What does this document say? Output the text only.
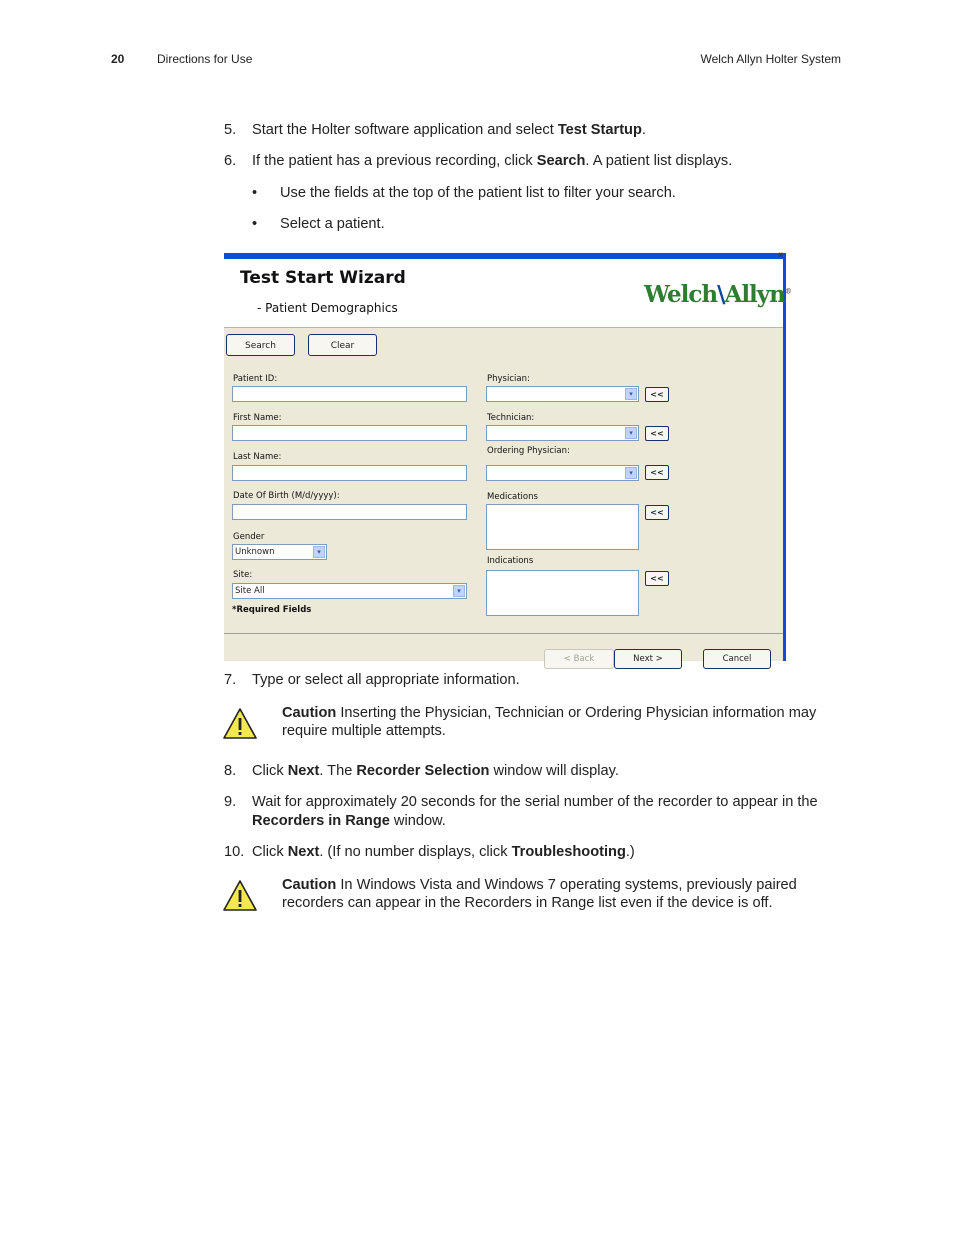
20	Directions for Use	Welch Allyn Holter System
5. Start the Holter software application and select Test Startup.
6. If the patient has a previous recording, click Search. A patient list displays.
• Use the fields at the top of the patient list to filter your search.
• Select a patient.
x
Test Start Wizard
- Patient Demographics	Welch\Allyn®
Search	Clear
Patient ID:
First Name:
Last Name:
Date Of Birth (M/d/yyyy):
Gender
Unknown	▾
Site:
Site All	▾
*Required Fields
Physician:
▾	<<
Technician:
▾	<<
Ordering Physician:
▾	<<
Medications
<<
Indications
<<
< Back	Next >	Cancel
7. Type or select all appropriate information.
Caution Inserting the Physician, Technician or Ordering Physician information may require multiple attempts.
8. Click Next. The Recorder Selection window will display.
9. Wait for approximately 20 seconds for the serial number of the recorder to appear in the Recorders in Range window.
10. Click Next. (If no number displays, click Troubleshooting.)
Caution In Windows Vista and Windows 7 operating systems, previously paired recorders can appear in the Recorders in Range list even if the device is off.
